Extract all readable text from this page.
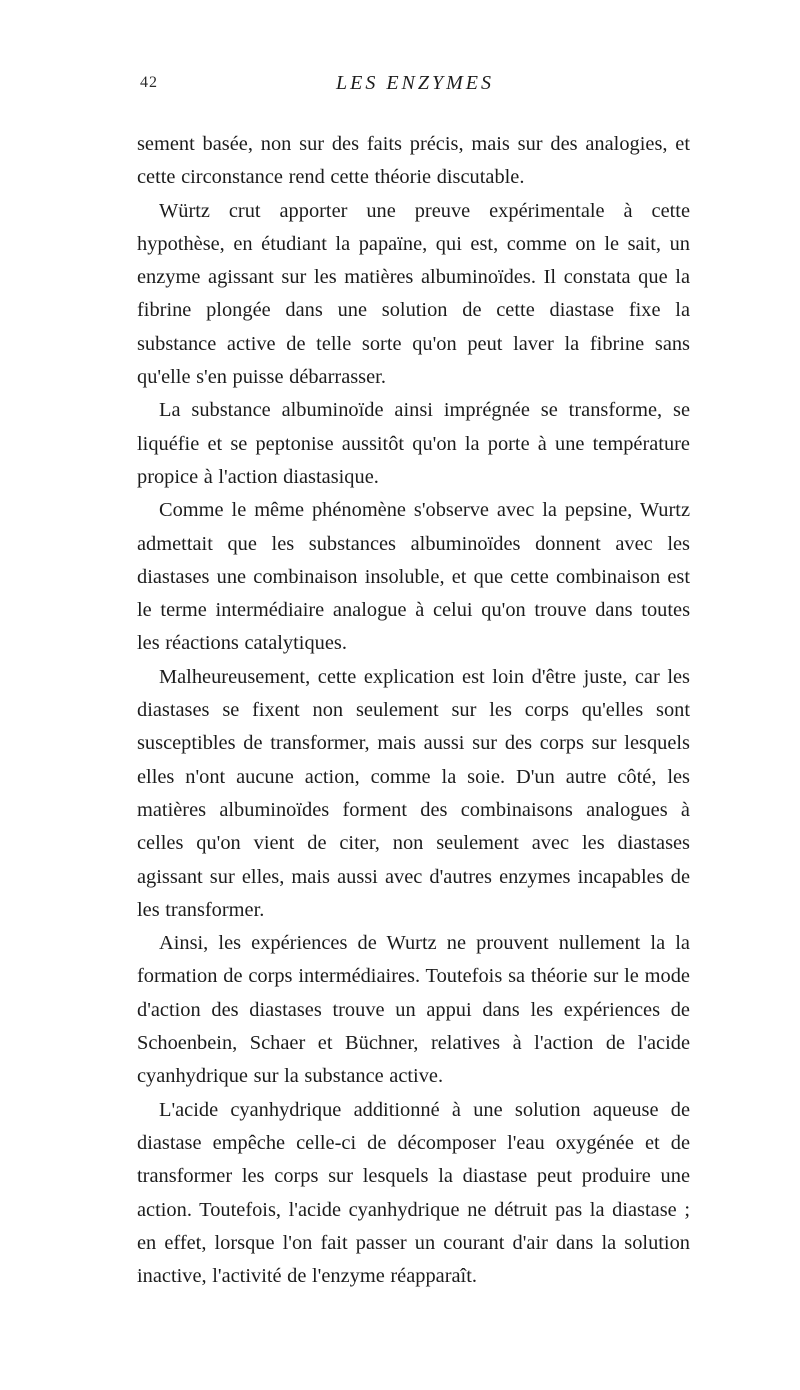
42	LES ENZYMES

sement basée, non sur des faits précis, mais sur des analogies, et cette circonstance rend cette théorie discutable.

Würtz crut apporter une preuve expérimentale à cette hypothèse, en étudiant la papaïne, qui est, comme on le sait, un enzyme agissant sur les matières albuminoïdes. Il constata que la fibrine plongée dans une solution de cette diastase fixe la substance active de telle sorte qu'on peut laver la fibrine sans qu'elle s'en puisse débarrasser.

La substance albuminoïde ainsi imprégnée se transforme, se liquéfie et se peptonise aussitôt qu'on la porte à une température propice à l'action diastasique.

Comme le même phénomène s'observe avec la pepsine, Wurtz admettait que les substances albuminoïdes donnent avec les diastases une combinaison insoluble, et que cette combinaison est le terme intermédiaire analogue à celui qu'on trouve dans toutes les réactions catalytiques.

Malheureusement, cette explication est loin d'être juste, car les diastases se fixent non seulement sur les corps qu'elles sont susceptibles de transformer, mais aussi sur des corps sur lesquels elles n'ont aucune action, comme la soie. D'un autre côté, les matières albuminoïdes forment des combinaisons analogues à celles qu'on vient de citer, non seulement avec les diastases agissant sur elles, mais aussi avec d'autres enzymes incapables de les transformer.

Ainsi, les expériences de Wurtz ne prouvent nullement la la formation de corps intermédiaires. Toutefois sa théorie sur le mode d'action des diastases trouve un appui dans les expériences de Schoenbein, Schaer et Büchner, relatives à l'action de l'acide cyanhydrique sur la substance active.

L'acide cyanhydrique additionné à une solution aqueuse de diastase empêche celle-ci de décomposer l'eau oxygénée et de transformer les corps sur lesquels la diastase peut produire une action. Toutefois, l'acide cyanhydrique ne détruit pas la diastase ; en effet, lorsque l'on fait passer un courant d'air dans la solution inactive, l'activité de l'enzyme réapparaît.
